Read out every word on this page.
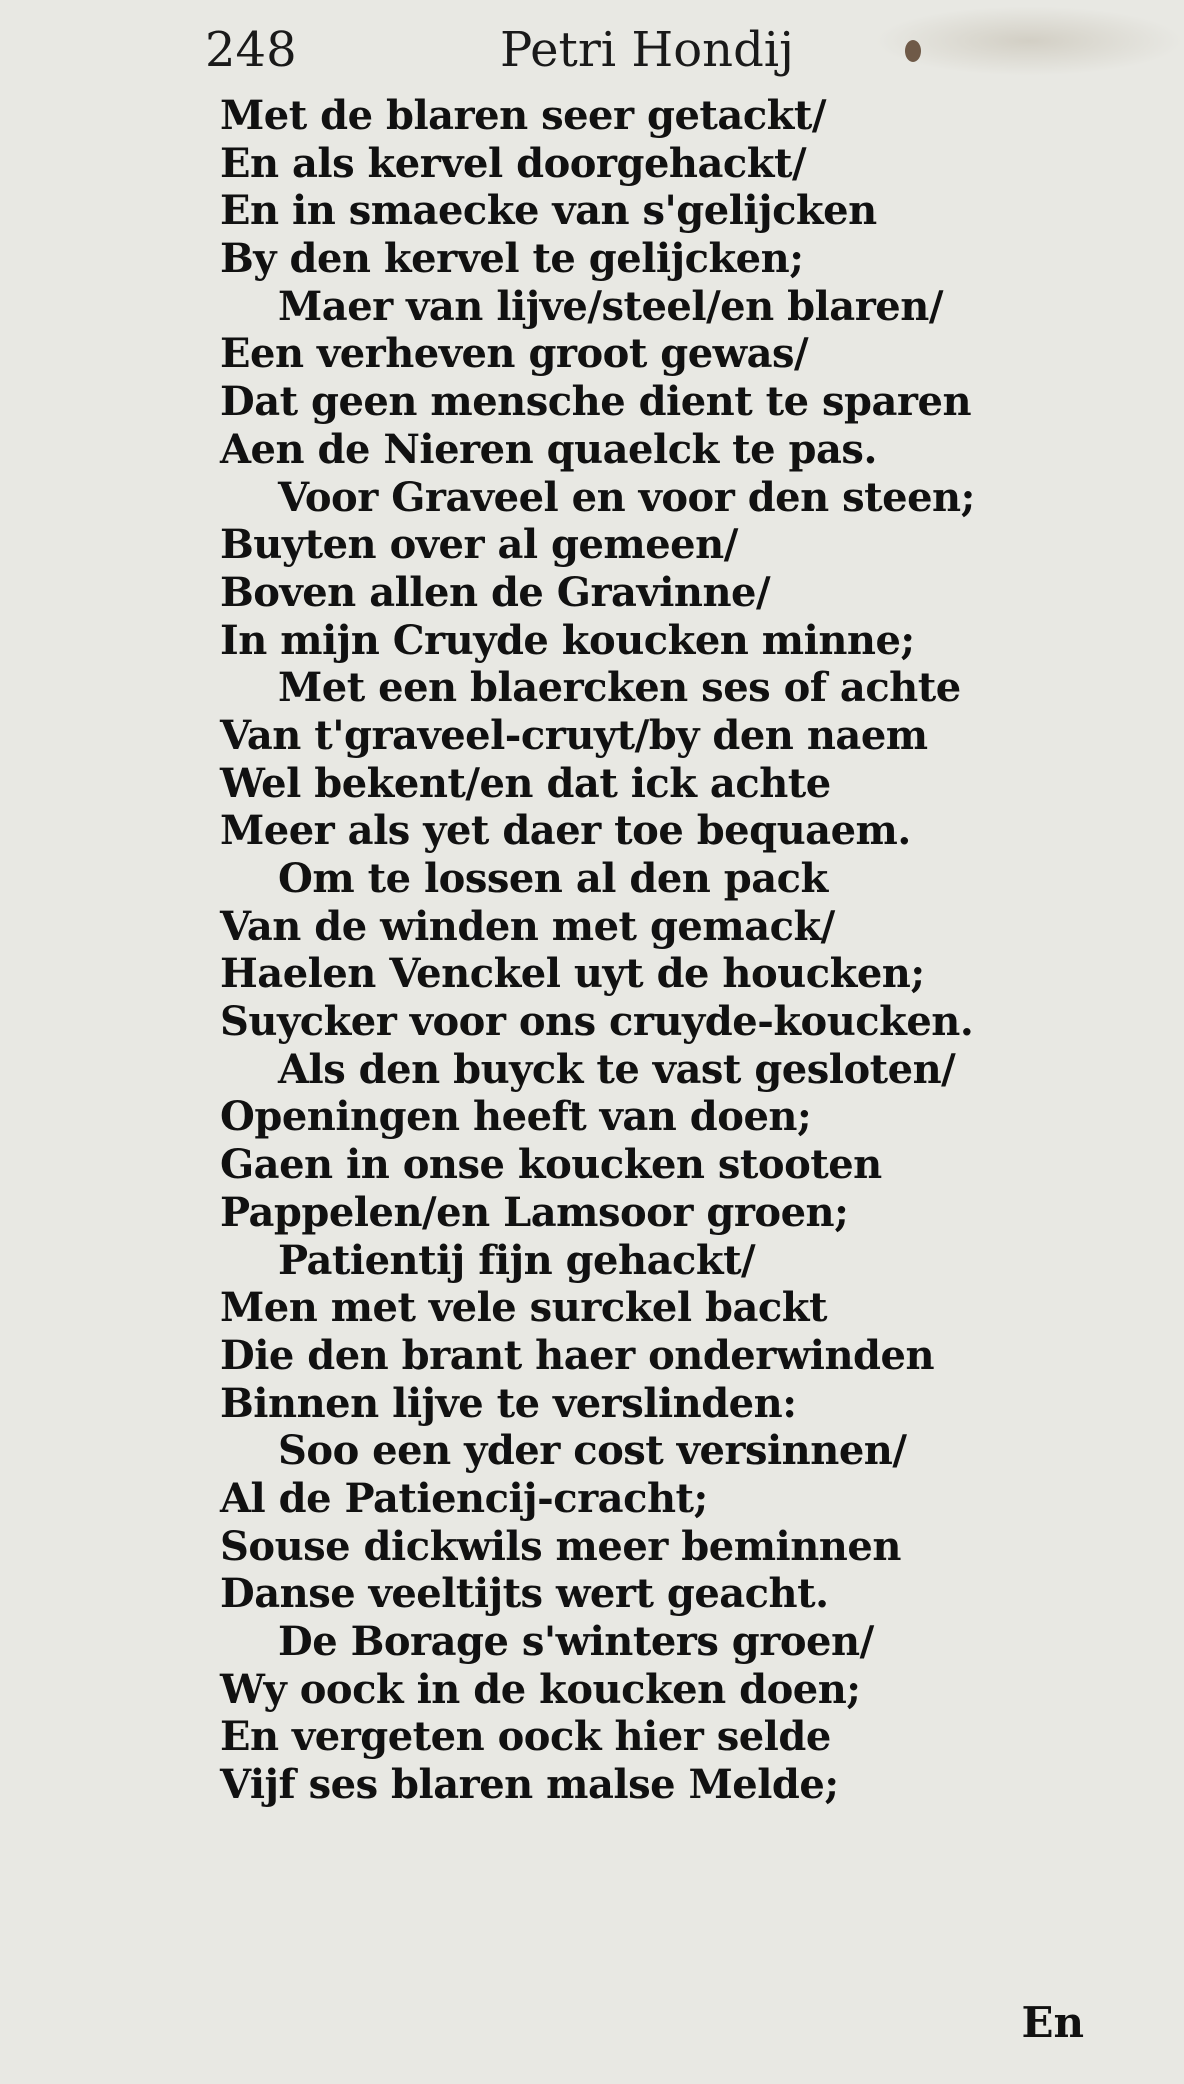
248	Petri Hondij
Met de blaren seer getackt/
En als kervel doorgehackt/
En in smaecke van s'gelijcken
By den kervel te gelijcken;
Maer van lijve/steel/en blaren/
Een verheven groot gewas/
Dat geen mensche dient te sparen
Aen de Nieren quaelck te pas.
Voor Graveel en voor den steen;
Buyten over al gemeen/
Boven allen de Gravinne/
In mijn Cruyde koucken minne;
Met een blaercken ses of achte
Van t'graveel-cruyt/by den naem
Wel bekent/en dat ick achte
Meer als yet daer toe bequaem.
Om te lossen al den pack
Van de winden met gemack/
Haelen Venckel uyt de houcken;
Suycker voor ons cruyde-koucken.
Als den buyck te vast gesloten/
Openingen heeft van doen;
Gaen in onse koucken stooten
Pappelen/en Lamsoor groen;
Patientij fijn gehackt/
Men met vele surckel backt
Die den brant haer onderwinden
Binnen lijve te verslinden:
Soo een yder cost versinnen/
Al de Patiencij-cracht;
Souse dickwils meer beminnen
Danse veeltijts wert geacht.
De Borage s'winters groen/
Wy oock in de koucken doen;
En vergeten oock hier selde
Vijf ses blaren malse Melde;
En
